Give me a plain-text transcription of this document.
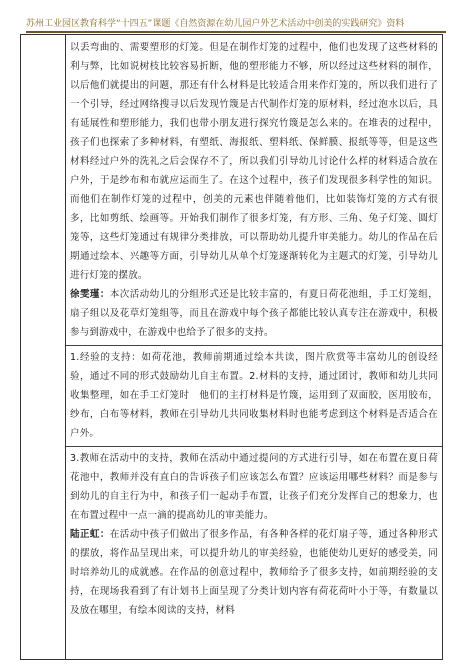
苏州工业园区教育科学“十四五”课题《自然资源在幼儿园户外艺术活动中创美的实践研究》资料

以丢弯曲的、需要塑形的灯笼。但是在制作灯笼的过程中，他们也发现了这些材料的利与弊，比如说树枝比较容易折断，他的塑形能力不够，所以经过这些材料的制作，以后他们就提出的问题，那还有什么材料是比较适合用来作灯笼的，所以我们进行了一个引导，经过网络搜寻以后发现竹篾是古代制作灯笼的原材料，经过泡水以后，具有延展性和塑形能力，我们也带小朋友进行探究竹篾是怎么来的。在堆表的过程中，孩子们也探索了多种材料，有塑纸、海报纸、塑料纸、保鲜膜、报纸等等，但是这些材料经过户外的洗礼之后会保存不了，所以我们引导幼儿讨论什么样的材料适合放在户外，于是纱布和布就应运而生了。在这个过程中，孩子们发现很多科学性的知识。而他们在制作灯笼的过程中，创美的元素也伴随着他们，比如装饰灯笼的方式有很多，比如剪纸、绘画等。开始我们制作了很多灯笼，有方形、三角、兔子灯笼、圆灯笼等，这些灯笼通过有规律分类排放，可以帮助幼儿提升审美能力。幼儿的作品在后期通过绘本、兴趣等方面，引导幼儿从单个灯笼逐渐转化为主题式的灯笼，引导幼儿进行灯笼的摆放。

徐雯瑾：本次活动幼儿的分组形式还是比较丰富的，有夏日荷花池组，手工灯笼组，扇子组以及花草灯笼组等，而且在游戏中每个孩子都能比较认真专注在游戏中，积极参与到游戏中，在游戏中也给予了很多的支持。

1.经验的支持：如荷花池，教师前期通过绘本共读，图片欣赏等丰富幼儿的创设经验，通过不同的形式鼓励幼儿自主布置。2.材料的支持，通过团讨，教师和幼儿共同收集整理，如在手工灯笼时　他们的主打材料是竹篾，运用到了双面胶，医用胶布，纱布，白布等材料，教师在引导幼儿共同收集材料时也能考虑到这个材料是否适合在户外。

3.教师在活动中的支持，教师在活动中通过提问的方式进行引导，如在布置在夏日荷花池中，教师并没有直白的告诉孩子们应该怎么布置？应该运用哪些材料？而是参与到幼儿的自主行为中，和孩子们一起动手布置，让孩子们充分发挥自己的想象力，也在布置过程中一点一滴的提高幼儿的审美能力。

陆正虹：在活动中孩子们做出了很多作品，有各种各样的花灯扇子等，通过各种形式的摆放，将作品呈现出来，可以提升幼儿的审美经验，也能使幼儿更好的感受美，同时培养幼儿的成就感。在作品的创意过程中，教师给予了很多支持，如前期经验的支持，在现场我看到了有计划书上面呈现了分类计划内容有荷花荷叶小于等，有数量以及放在哪里，有绘本阅读的支持，材料
